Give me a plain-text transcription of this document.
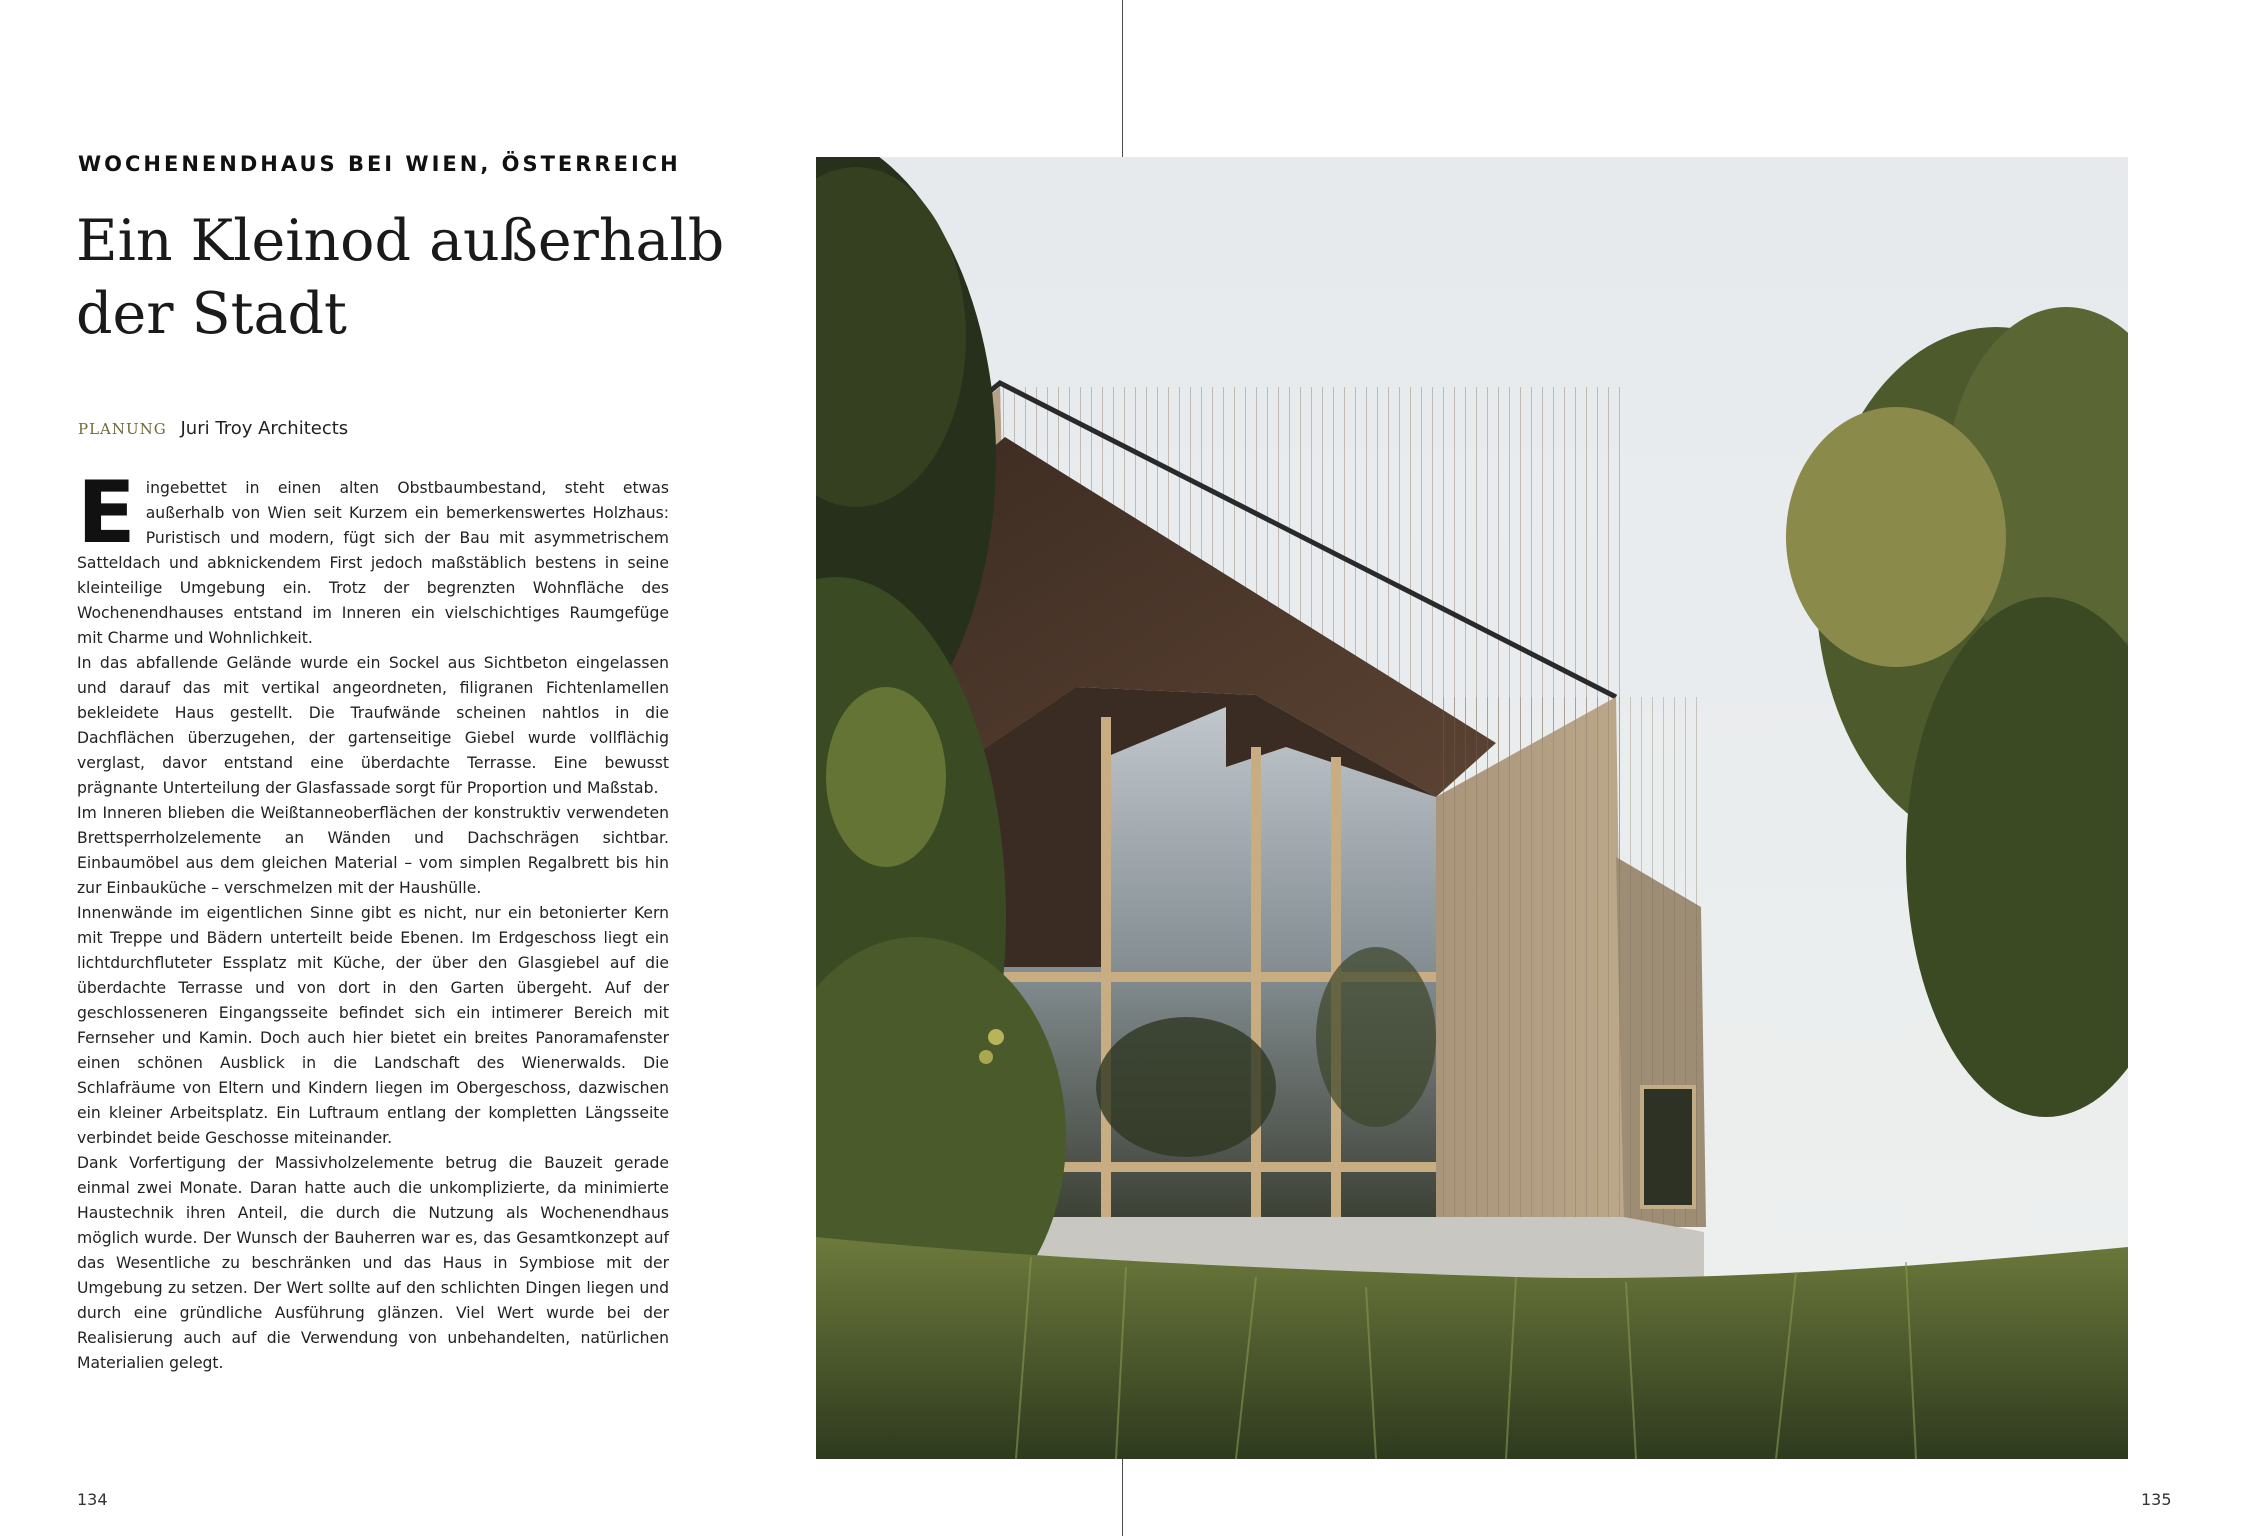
WOCHENENDHAUS BEI WIEN, ÖSTERREICH
Ein Kleinod außerhalb
der Stadt
PLANUNG Juri Troy Architects

Eingebettet in einen alten Obstbaumbestand, steht etwas außerhalb von Wien seit Kurzem ein bemerkenswertes Holzhaus: Puristisch und modern, fügt sich der Bau mit asymmetrischem Satteldach und abknickendem First jedoch maßstäblich bestens in seine kleinteilige Umgebung ein. Trotz der begrenzten Wohnfläche des Wochenendhauses entstand im Inneren ein vielschichtiges Raumgefüge mit Charme und Wohnlichkeit.

In das abfallende Gelände wurde ein Sockel aus Sichtbeton eingelassen und darauf das mit vertikal angeordneten, filigranen Fichtenlamellen bekleidete Haus gestellt. Die Traufwände scheinen nahtlos in die Dachflächen überzugehen, der gartenseitige Giebel wurde vollflächig verglast, davor entstand eine überdachte Terrasse. Eine bewusst prägnante Unterteilung der Glasfassade sorgt für Proportion und Maßstab.

Im Inneren blieben die Weißtanneoberflächen der konstruktiv verwendeten Brettsperrholzelemente an Wänden und Dachschrägen sichtbar. Einbaumöbel aus dem gleichen Material – vom simplen Regalbrett bis hin zur Einbauküche – verschmelzen mit der Haushülle.

Innenwände im eigentlichen Sinne gibt es nicht, nur ein betonierter Kern mit Treppe und Bädern unterteilt beide Ebenen. Im Erdgeschoss liegt ein lichtdurchfluteter Essplatz mit Küche, der über den Glasgiebel auf die überdachte Terrasse und von dort in den Garten übergeht. Auf der geschlosseneren Eingangsseite befindet sich ein intimerer Bereich mit Fernseher und Kamin. Doch auch hier bietet ein breites Panoramafenster einen schönen Ausblick in die Landschaft des Wienerwalds. Die Schlafräume von Eltern und Kindern liegen im Obergeschoss, dazwischen ein kleiner Arbeitsplatz. Ein Luftraum entlang der kompletten Längsseite verbindet beide Geschosse miteinander.

Dank Vorfertigung der Massivholzelemente betrug die Bauzeit gerade einmal zwei Monate. Daran hatte auch die unkomplizierte, da minimierte Haustechnik ihren Anteil, die durch die Nutzung als Wochenendhaus möglich wurde. Der Wunsch der Bauherren war es, das Gesamtkonzept auf das Wesentliche zu beschränken und das Haus in Symbiose mit der Umgebung zu setzen. Der Wert sollte auf den schlichten Dingen liegen und durch eine gründliche Ausführung glänzen. Viel Wert wurde bei der Realisierung auch auf die Verwendung von unbehandelten, natürlichen Materialien gelegt.

134	135
